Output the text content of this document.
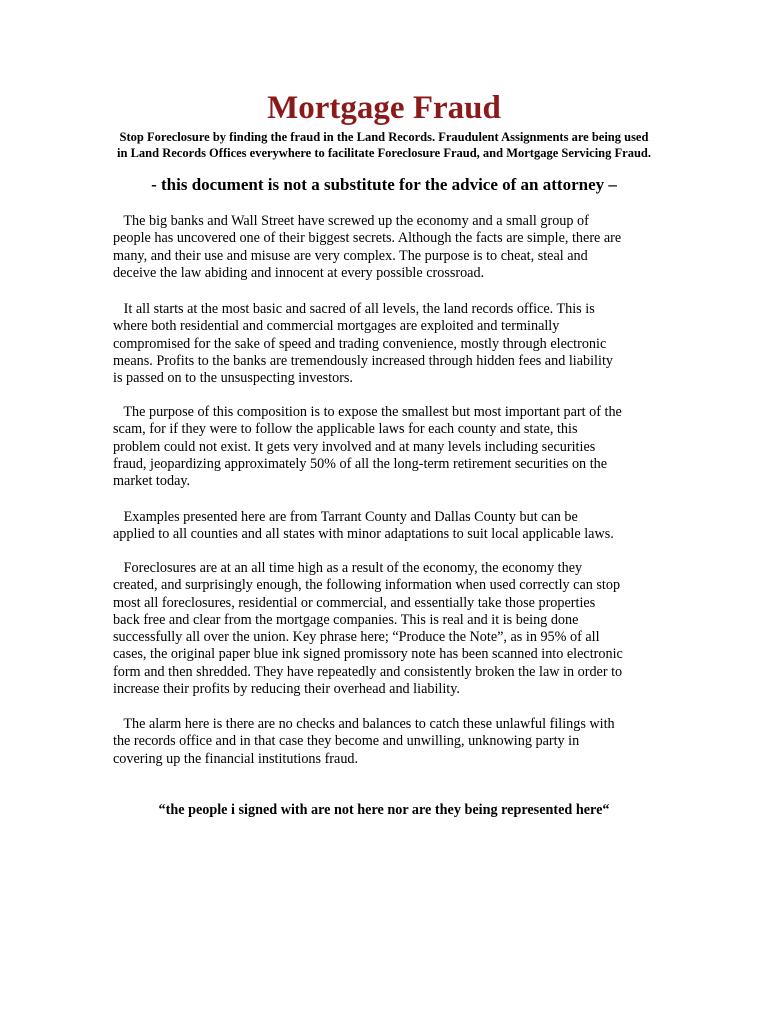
Mortgage Fraud

Stop Foreclosure by finding the fraud in the Land Records. Fraudulent Assignments are being used
in Land Records Offices everywhere to facilitate Foreclosure Fraud, and Mortgage Servicing Fraud.

- this document is not a substitute for the advice of an attorney –

The big banks and Wall Street have screwed up the economy and a small group of
people has uncovered one of their biggest secrets. Although the facts are simple, there are
many, and their use and misuse are very complex. The purpose is to cheat, steal and
deceive the law abiding and innocent at every possible crossroad.

It all starts at the most basic and sacred of all levels, the land records office. This is
where both residential and commercial mortgages are exploited and terminally
compromised for the sake of speed and trading convenience, mostly through electronic
means. Profits to the banks are tremendously increased through hidden fees and liability
is passed on to the unsuspecting investors.

The purpose of this composition is to expose the smallest but most important part of the
scam, for if they were to follow the applicable laws for each county and state, this
problem could not exist. It gets very involved and at many levels including securities
fraud, jeopardizing approximately 50% of all the long-term retirement securities on the
market today.

Examples presented here are from Tarrant County and Dallas County but can be
applied to all counties and all states with minor adaptations to suit local applicable laws.

Foreclosures are at an all time high as a result of the economy, the economy they
created, and surprisingly enough, the following information when used correctly can stop
most all foreclosures, residential or commercial, and essentially take those properties
back free and clear from the mortgage companies. This is real and it is being done
successfully all over the union. Key phrase here; “Produce the Note”, as in 95% of all
cases, the original paper blue ink signed promissory note has been scanned into electronic
form and then shredded. They have repeatedly and consistently broken the law in order to
increase their profits by reducing their overhead and liability.

The alarm here is there are no checks and balances to catch these unlawful filings with
the records office and in that case they become and unwilling, unknowing party in
covering up the financial institutions fraud.

“the people i signed with are not here nor are they being represented here“
